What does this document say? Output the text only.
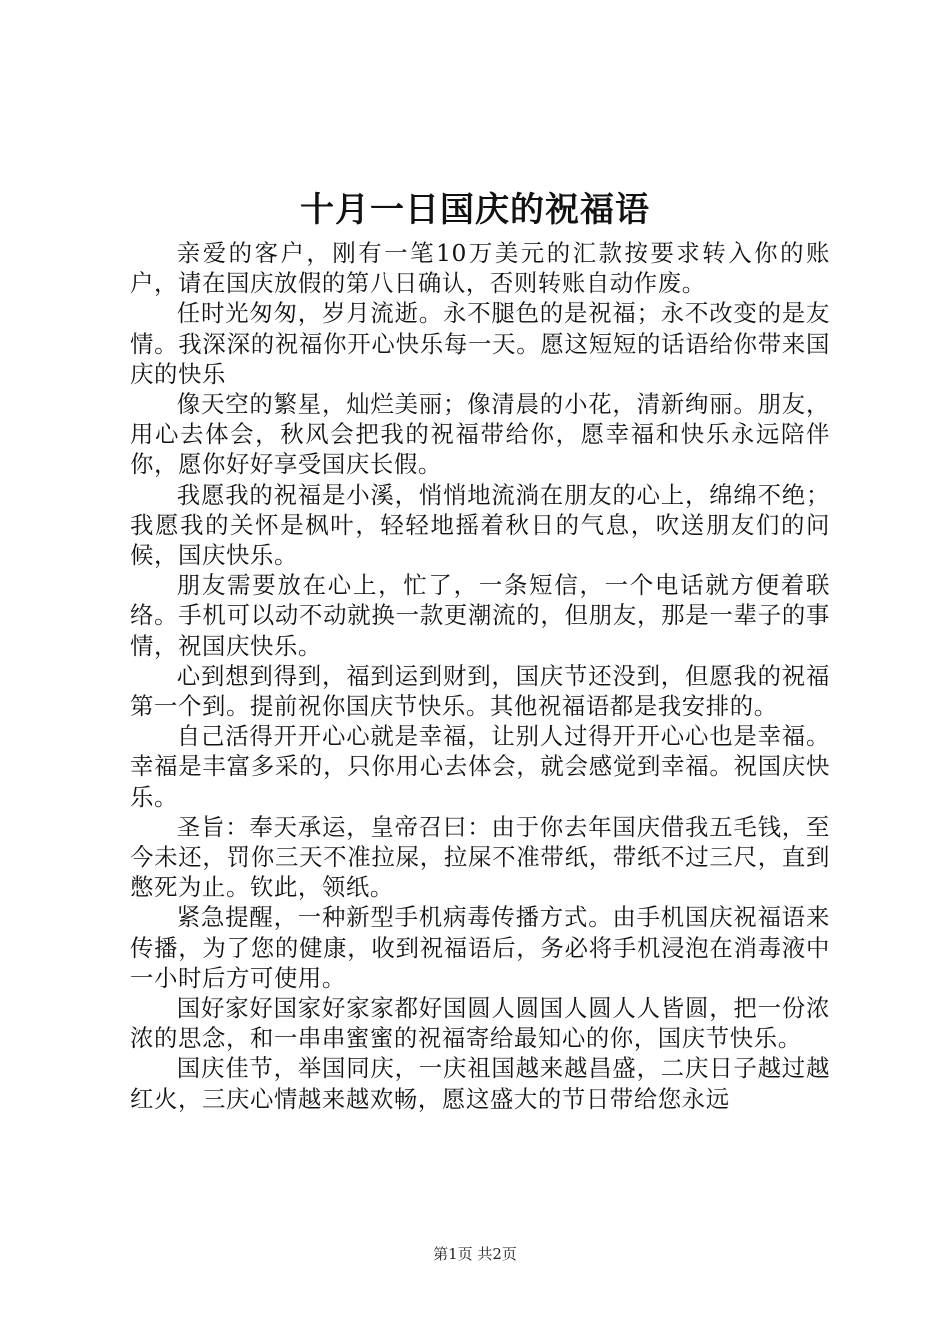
十月一日国庆的祝福语

亲爱的客户，刚有一笔10万美元的汇款按要求转入你的账户，请在国庆放假的第八日确认，否则转账自动作废。

任时光匆匆，岁月流逝。永不腿色的是祝福；永不改变的是友情。我深深的祝福你开心快乐每一天。愿这短短的话语给你带来国庆的快乐

像天空的繁星，灿烂美丽；像清晨的小花，清新绚丽。朋友，用心去体会，秋风会把我的祝福带给你，愿幸福和快乐永远陪伴你，愿你好好享受国庆长假。

我愿我的祝福是小溪，悄悄地流淌在朋友的心上，绵绵不绝；我愿我的关怀是枫叶，轻轻地摇着秋日的气息，吹送朋友们的问候，国庆快乐。

朋友需要放在心上，忙了，一条短信，一个电话就方便着联络。手机可以动不动就换一款更潮流的，但朋友，那是一辈子的事情，祝国庆快乐。

心到想到得到，福到运到财到，国庆节还没到，但愿我的祝福第一个到。提前祝你国庆节快乐。其他祝福语都是我安排的。

自己活得开开心心就是幸福，让别人过得开开心心也是幸福。幸福是丰富多采的，只你用心去体会，就会感觉到幸福。祝国庆快乐。

圣旨：奉天承运，皇帝召曰：由于你去年国庆借我五毛钱，至今未还，罚你三天不准拉屎，拉屎不准带纸，带纸不过三尺，直到憋死为止。钦此，领纸。

紧急提醒，一种新型手机病毒传播方式。由手机国庆祝福语来传播，为了您的健康，收到祝福语后，务必将手机浸泡在消毒液中一小时后方可使用。

国好家好国家好家家都好国圆人圆国人圆人人皆圆，把一份浓浓的思念，和一串串蜜蜜的祝福寄给最知心的你，国庆节快乐。

国庆佳节，举国同庆，一庆祖国越来越昌盛，二庆日子越过越红火，三庆心情越来越欢畅，愿这盛大的节日带给您永远

第1页 共2页
